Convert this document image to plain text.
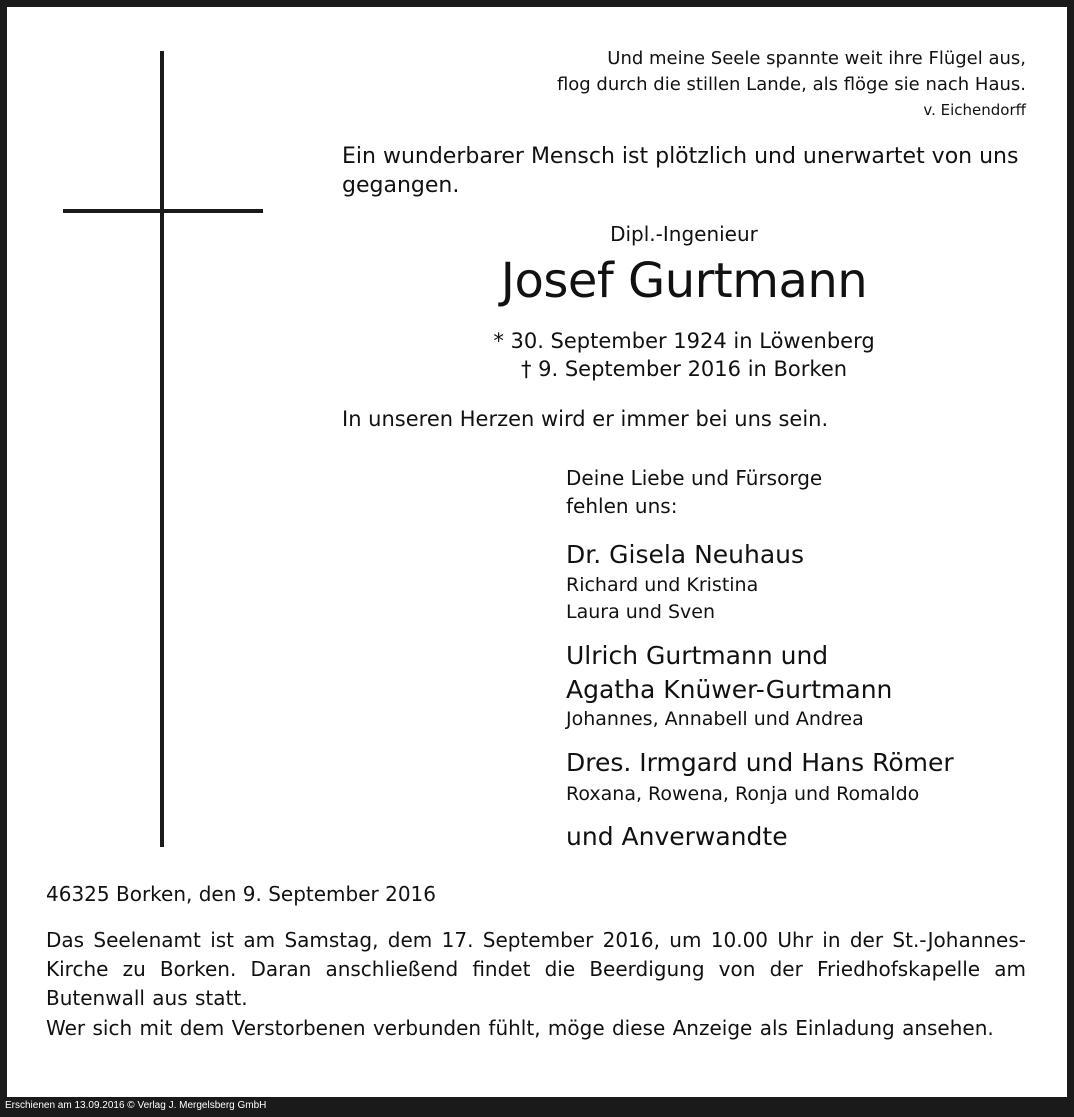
Und meine Seele spannte weit ihre Flügel aus,
flog durch die stillen Lande, als flöge sie nach Haus.
v. Eichendorff
Ein wunderbarer Mensch ist plötzlich und unerwartet von uns gegangen.
Dipl.-Ingenieur
Josef Gurtmann
* 30. September 1924 in Löwenberg
† 9. September 2016 in Borken
In unseren Herzen wird er immer bei uns sein.
Deine Liebe und Fürsorge
fehlen uns:
Dr. Gisela Neuhaus
Richard und Kristina
Laura und Sven
Ulrich Gurtmann und
Agatha Knüwer-Gurtmann
Johannes, Annabell und Andrea
Dres. Irmgard und Hans Römer
Roxana, Rowena, Ronja und Romaldo
und Anverwandte
46325 Borken, den 9. September 2016
Das Seelenamt ist am Samstag, dem 17. September 2016, um 10.00 Uhr in der St.-Johannes-Kirche zu Borken. Daran anschließend findet die Beerdigung von der Friedhofskapelle am Butenwall aus statt.
Wer sich mit dem Verstorbenen verbunden fühlt, möge diese Anzeige als Einladung ansehen.
Erschienen am 13.09.2016 © Verlag J. Mergelsberg GmbH
